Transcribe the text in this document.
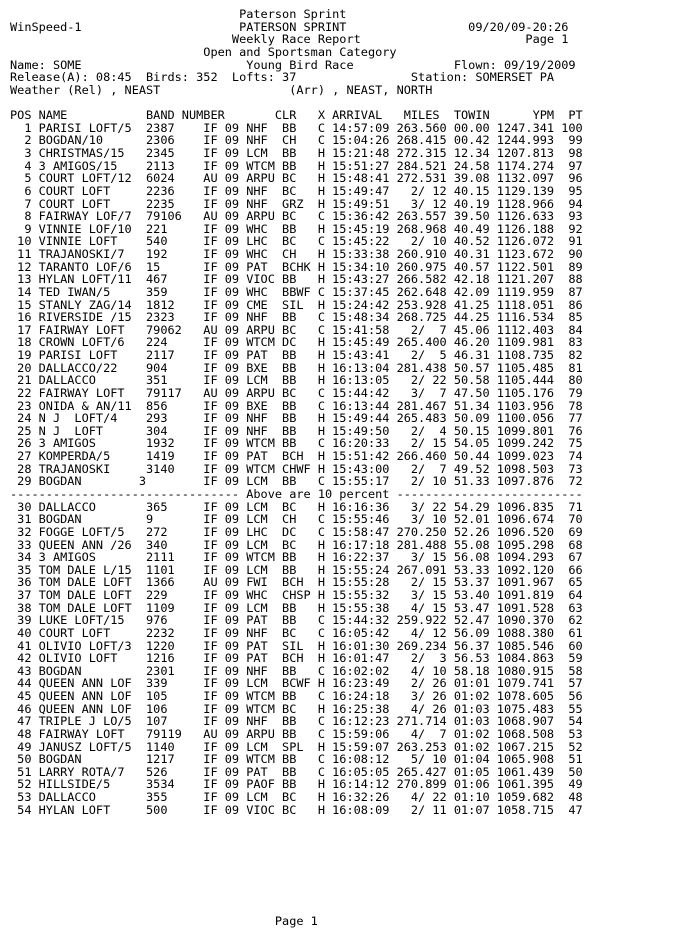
Paterson Sprint
WinSpeed-1                      PATERSON SPRINT                 09/20/09-20:26
Weekly Race Report                       Page 1
Open and Sportsman Category
Name: SOME                       Young Bird Race              Flown: 09/19/2009
Release(A): 08:45  Birds: 352  Lofts: 37                Station: SOMERSET PA
Weather (Rel) , NEAST                  (Arr) , NEAST, NORTH
POS NAME           BAND NUMBER       CLR   X ARRIVAL   MILES  TOWIN      YPM  PT
1 PARISI LOFT/5  2387    IF 09 NHF  BB   C 14:57:09 263.560 00.00 1247.341 100
2 BOGDAN/10      2306    IF 09 NHF  CH   C 15:04:26 268.415 00.42 1244.993  99
3 CHRISTMAS/15   2345    IF 09 LCM  BB   H 15:21:48 272.315 12.34 1207.813  98
4 3 AMIGOS/15    2113    IF 09 WTCM BB   H 15:51:27 284.521 24.58 1174.274  97
5 COURT LOFT/12  6024    AU 09 ARPU BC   H 15:48:41 272.531 39.08 1132.097  96
6 COURT LOFT     2236    IF 09 NHF  BC   H 15:49:47   2/ 12 40.15 1129.139  95
7 COURT LOFT     2235    IF 09 NHF  GRZ  H 15:49:51   3/ 12 40.19 1128.966  94
8 FAIRWAY LOF/7  79106   AU 09 ARPU BC   C 15:36:42 263.557 39.50 1126.633  93
9 VINNIE LOF/10  221     IF 09 WHC  BB   H 15:45:19 268.968 40.49 1126.188  92
10 VINNIE LOFT    540     IF 09 LHC  BC   C 15:45:22   2/ 10 40.52 1126.072  91
11 TRAJANOSKI/7   192     IF 09 WHC  CH   H 15:33:38 260.910 40.31 1123.672  90
12 TARANTO LOF/6  15      IF 09 PAT  BCHK H 15:34:10 260.975 40.57 1122.501  89
13 HYLAN LOFT/11  467     IF 09 VIOC BB   H 15:43:27 266.582 42.18 1121.207  88
14 TED IWAN/5     359     IF 09 WHC  BBWF C 15:37:45 262.648 42.09 1119.959  87
15 STANLY ZAG/14  1812    IF 09 CME  SIL  H 15:24:42 253.928 41.25 1118.051  86
16 RIVERSIDE /15  2323    IF 09 NHF  BB   C 15:48:34 268.725 44.25 1116.534  85
17 FAIRWAY LOFT   79062   AU 09 ARPU BC   C 15:41:58   2/  7 45.06 1112.403  84
18 CROWN LOFT/6   224     IF 09 WTCM DC   H 15:45:49 265.400 46.20 1109.981  83
19 PARISI LOFT    2117    IF 09 PAT  BB   H 15:43:41   2/  5 46.31 1108.735  82
20 DALLACCO/22    904     IF 09 BXE  BB   H 16:13:04 281.438 50.57 1105.485  81
21 DALLACCO       351     IF 09 LCM  BB   H 16:13:05   2/ 22 50.58 1105.444  80
22 FAIRWAY LOFT   79117   AU 09 ARPU BC   C 15:44:42   3/  7 47.50 1105.176  79
23 ONIDA & AN/11  856     IF 09 BXE  BB   C 16:13:44 281.467 51.34 1103.956  78
24 N J  LOFT/4    293     IF 09 NHF  BB   H 15:49:44 265.483 50.09 1100.056  77
25 N J  LOFT      304     IF 09 NHF  BB   H 15:49:50   2/  4 50.15 1099.801  76
26 3 AMIGOS       1932    IF 09 WTCM BB   C 16:20:33   2/ 15 54.05 1099.242  75
27 KOMPERDA/5     1419    IF 09 PAT  BCH  H 15:51:42 266.460 50.44 1099.023  74
28 TRAJANOSKI     3140    IF 09 WTCM CHWF H 15:43:00   2/  7 49.52 1098.503  73
29 BOGDAN        3        IF 09 LCM  BB   C 15:55:17   2/ 10 51.33 1097.876  72
-------------------------------- Above are 10 percent --------------------------
30 DALLACCO       365     IF 09 LCM  BC   H 16:16:36   3/ 22 54.29 1096.835  71
31 BOGDAN         9       IF 09 LCM  CH   C 15:55:46   3/ 10 52.01 1096.674  70
32 FOGGE LOFT/5   272     IF 09 LHC  DC   C 15:58:47 270.250 52.26 1096.520  69
33 QUEEN ANN /26  340     IF 09 LCM  BC   H 16:17:18 281.488 55.08 1095.298  68
34 3 AMIGOS       2111    IF 09 WTCM BB   H 16:22:37   3/ 15 56.08 1094.293  67
35 TOM DALE L/15  1101    IF 09 LCM  BB   H 15:55:24 267.091 53.33 1092.120  66
36 TOM DALE LOFT  1366    AU 09 FWI  BCH  H 15:55:28   2/ 15 53.37 1091.967  65
37 TOM DALE LOFT  229     IF 09 WHC  CHSP H 15:55:32   3/ 15 53.40 1091.819  64
38 TOM DALE LOFT  1109    IF 09 LCM  BB   H 15:55:38   4/ 15 53.47 1091.528  63
39 LUKE LOFT/15   976     IF 09 PAT  BB   C 15:44:32 259.922 52.47 1090.370  62
40 COURT LOFT     2232    IF 09 NHF  BC   C 16:05:42   4/ 12 56.09 1088.380  61
41 OLIVIO LOFT/3  1220    IF 09 PAT  SIL  H 16:01:30 269.234 56.37 1085.546  60
42 OLIVIO LOFT    1216    IF 09 PAT  BCH  H 16:01:47   2/  3 56.53 1084.863  59
43 BOGDAN         2301    IF 09 NHF  BB   C 16:02:02   4/ 10 58.18 1080.915  58
44 QUEEN ANN LOF  339     IF 09 LCM  BCWF H 16:23:49   2/ 26 01:01 1079.741  57
45 QUEEN ANN LOF  105     IF 09 WTCM BB   C 16:24:18   3/ 26 01:02 1078.605  56
46 QUEEN ANN LOF  106     IF 09 WTCM BC   H 16:25:38   4/ 26 01:03 1075.483  55
47 TRIPLE J LO/5  107     IF 09 NHF  BB   C 16:12:23 271.714 01:03 1068.907  54
48 FAIRWAY LOFT   79119   AU 09 ARPU BB   C 15:59:06   4/  7 01:02 1068.508  53
49 JANUSZ LOFT/5  1140    IF 09 LCM  SPL  H 15:59:07 263.253 01:02 1067.215  52
50 BOGDAN         1217    IF 09 WTCM BB   C 16:08:12   5/ 10 01:04 1065.908  51
51 LARRY ROTA/7   526     IF 09 PAT  BB   C 16:05:05 265.427 01:05 1061.439  50
52 HILLSIDE/5     3534    IF 09 PAOF BB   H 16:14:12 270.899 01:06 1061.395  49
53 DALLACCO       355     IF 09 LCM  BC   H 16:32:26   4/ 22 01:10 1059.682  48
54 HYLAN LOFT     500     IF 09 VIOC BC   H 16:08:09   2/ 11 01:07 1058.715  47
Page 1
